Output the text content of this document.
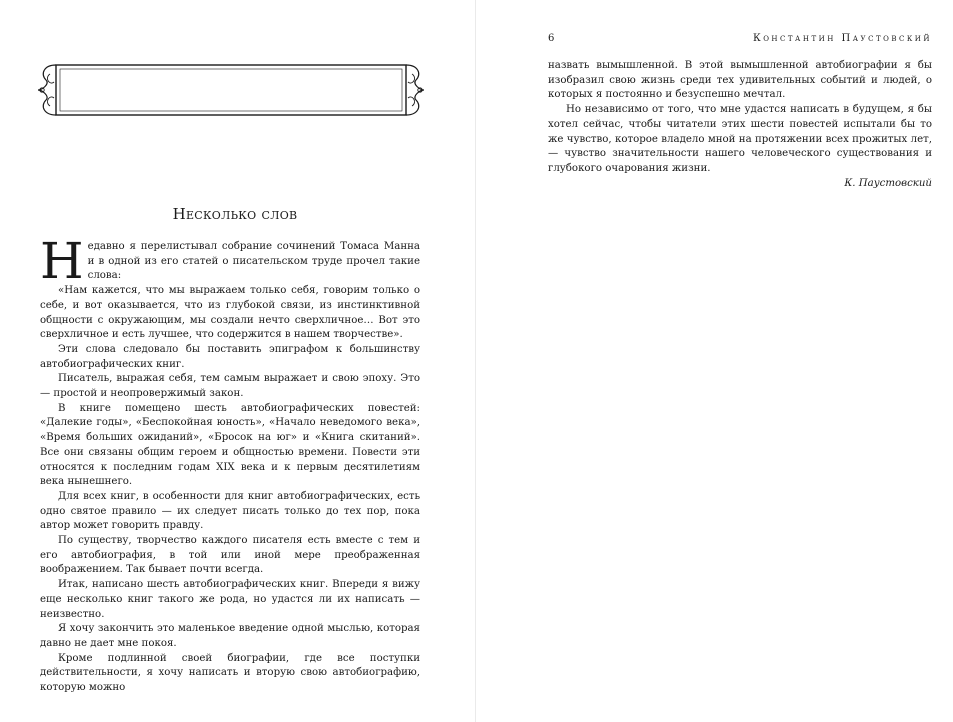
Несколько слов

Недавно я перелистывал собрание сочинений Томаса Манна и в одной из его статей о писательском труде прочел такие слова:

«Нам кажется, что мы выражаем только себя, говорим только о себе, и вот оказывается, что из глубокой связи, из инстинктивной общности с окружающим, мы создали нечто сверхличное… Вот это сверхличное и есть лучшее, что содержится в нашем творчестве».

Эти слова следовало бы поставить эпиграфом к большинству автобиографических книг.

Писатель, выражая себя, тем самым выражает и свою эпоху. Это — простой и неопровержимый закон.

В книге помещено шесть автобиографических повестей: «Далекие годы», «Беспокойная юность», «Начало неведомого века», «Время больших ожиданий», «Бросок на юг» и «Книга скитаний». Все они связаны общим героем и общностью времени. Повести эти относятся к последним годам XIX века и к первым десятилетиям века нынешнего.

Для всех книг, в особенности для книг автобиографических, есть одно святое правило — их следует писать только до тех пор, пока автор может говорить правду.

По существу, творчество каждого писателя есть вместе с тем и его автобиография, в той или иной мере преображенная воображением. Так бывает почти всегда.

Итак, написано шесть автобиографических книг. Впереди я вижу еще несколько книг такого же рода, но удастся ли их написать — неизвестно.

Я хочу закончить это маленькое введение одной мыслью, которая давно не дает мне покоя.

Кроме подлинной своей биографии, где все поступки действительности, я хочу написать и вторую свою автобиографию, которую можно

6	Константин Паустовский

назвать вымышленной. В этой вымышленной автобиографии я бы изобразил свою жизнь среди тех удивительных событий и людей, о которых я постоянно и безуспешно мечтал.

Но независимо от того, что мне удастся написать в будущем, я бы хотел сейчас, чтобы читатели этих шести повестей испытали бы то же чувство, которое владело мной на протяжении всех прожитых лет, — чувство значительности нашего человеческого существования и глубокого очарования жизни.

К. Паустовский
